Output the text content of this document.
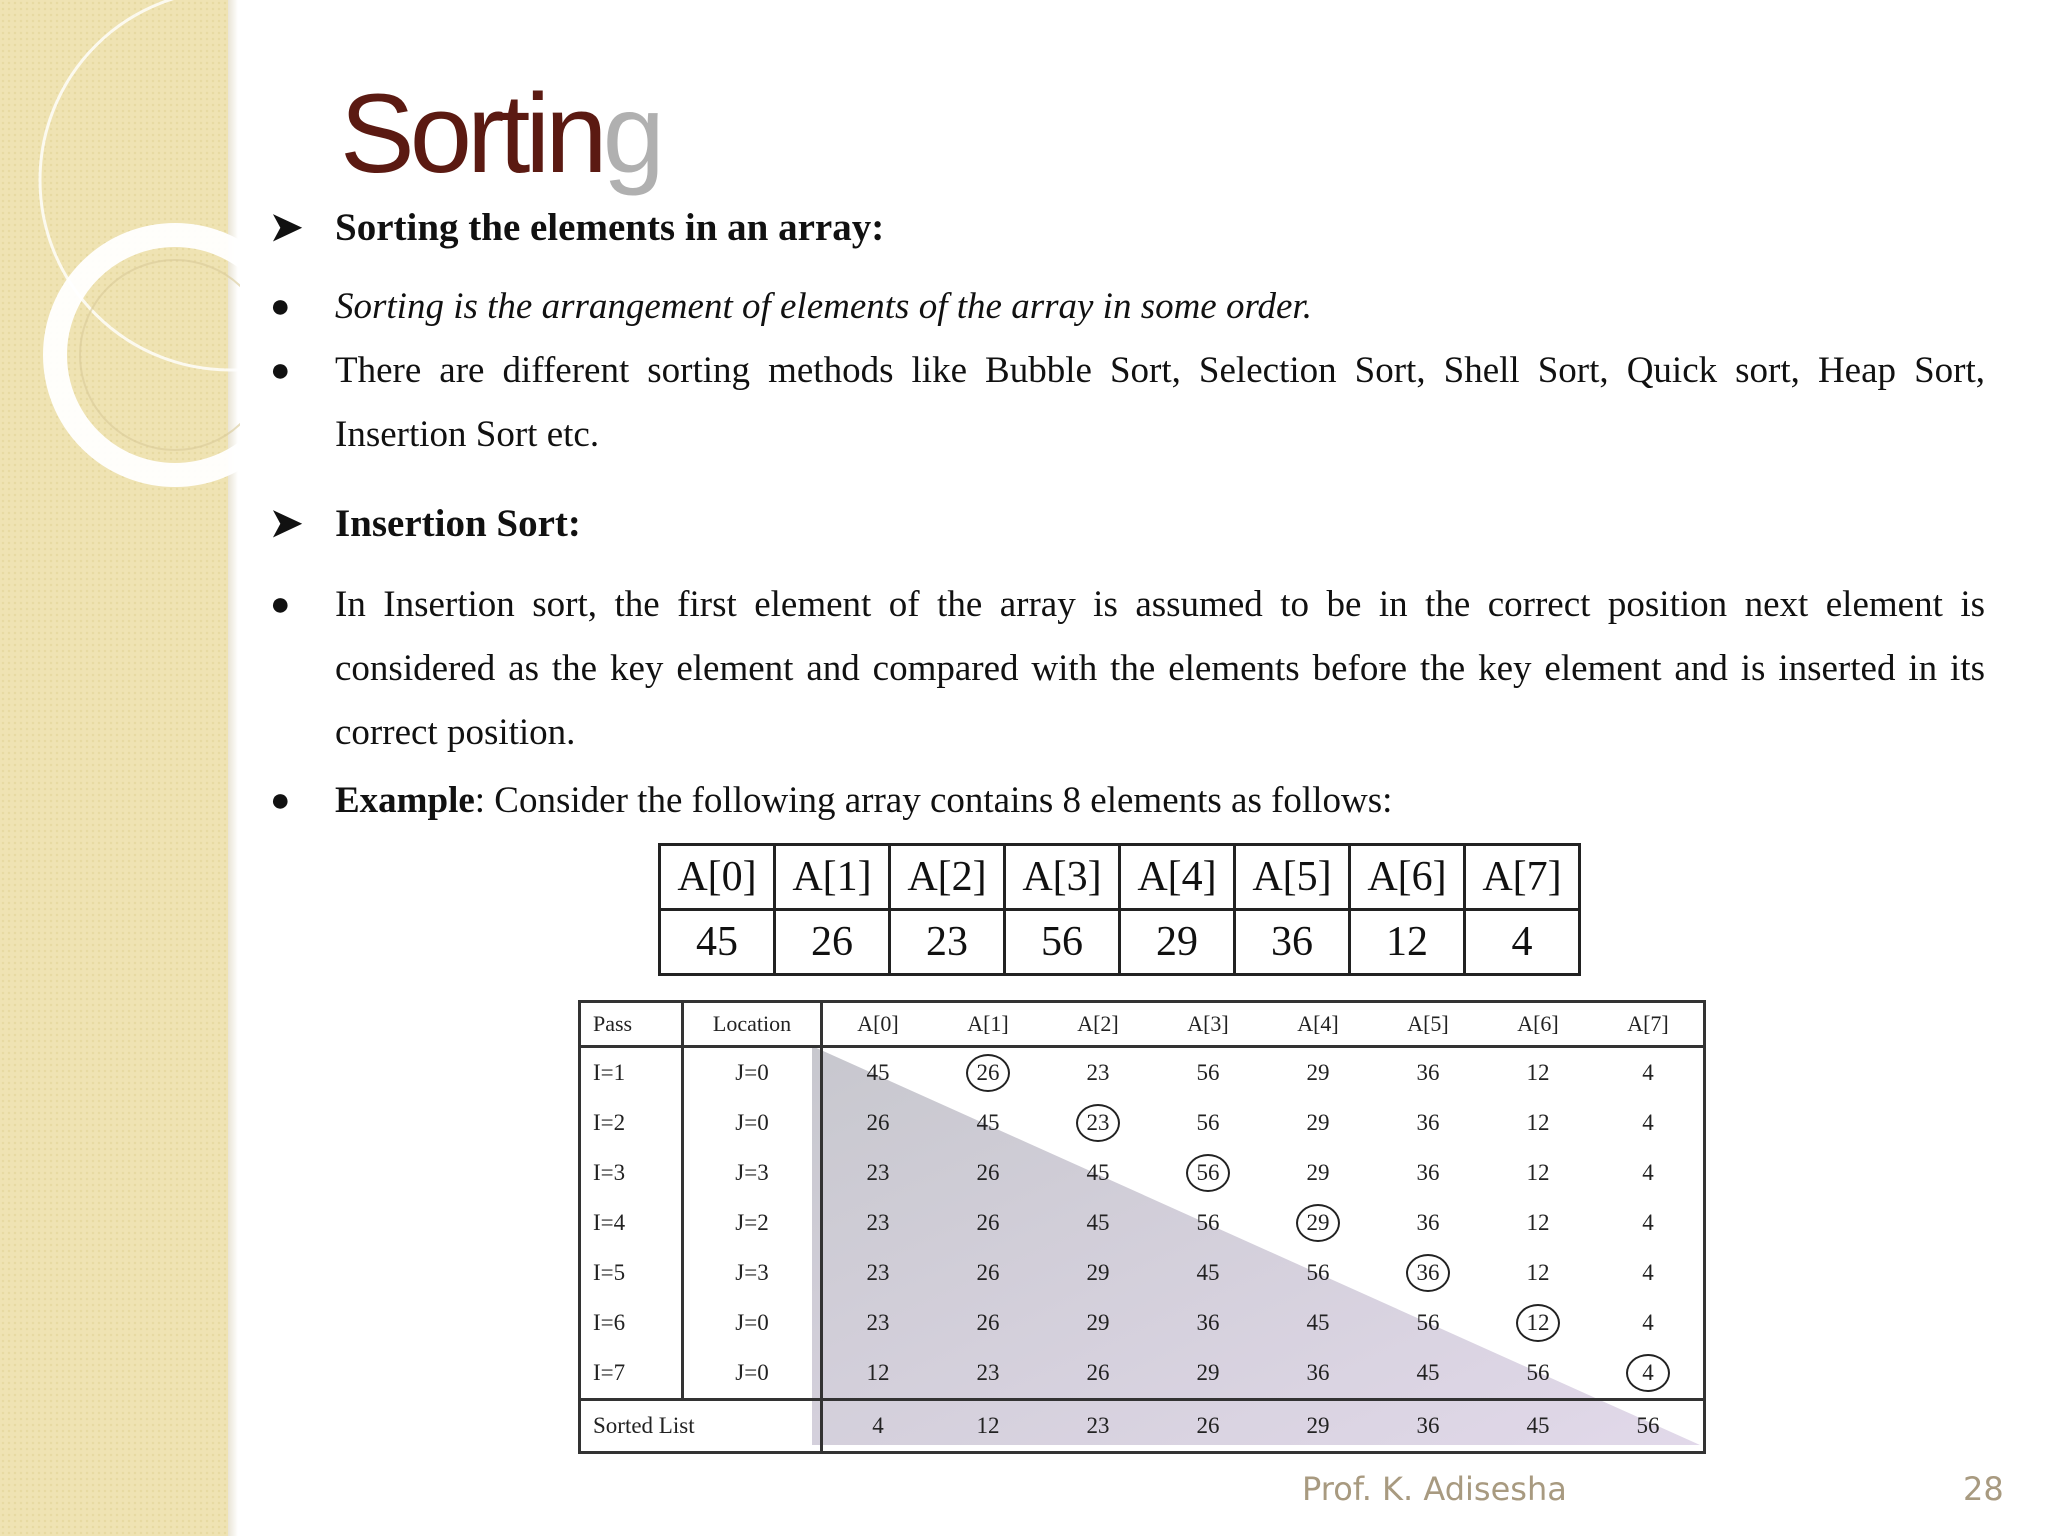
Sorting

➤ Sorting the elements in an array:

● Sorting is the arrangement of elements of the array in some order.

● There are different sorting methods like Bubble Sort, Selection Sort, Shell Sort, Quick sort, Heap Sort, Insertion Sort etc.

➤ Insertion Sort:

● In Insertion sort, the first element of the array is assumed to be in the correct position next element is considered as the key element and compared with the elements before the key element and is inserted in its correct position.

● Example: Consider the following array contains 8 elements as follows:

A[0]	A[1]	A[2]	A[3]	A[4]	A[5]	A[6]	A[7]
45	26	23	56	29	36	12	4
Pass	Location	A[0]	A[1]	A[2]	A[3]	A[4]	A[5]	A[6]	A[7]
I=1	J=0	45	26	23	56	29	36	12	4
I=2	J=0	26	45	23	56	29	36	12	4
I=3	J=3	23	26	45	56	29	36	12	4
I=4	J=2	23	26	45	56	29	36	12	4
I=5	J=3	23	26	29	45	56	36	12	4
I=6	J=0	23	26	29	36	45	56	12	4
I=7	J=0	12	23	26	29	36	45	56	4
Sorted List		4	12	23	26	29	36	45	56
Prof. K. Adisesha	28
